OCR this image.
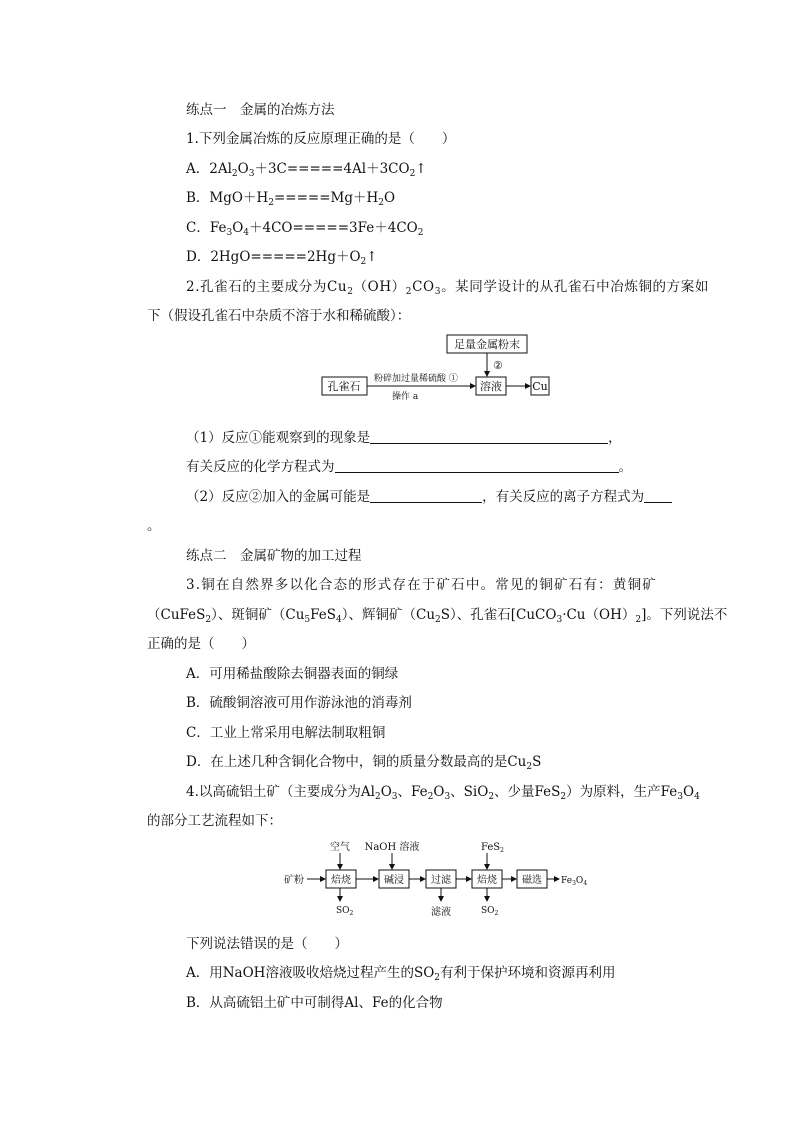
练点一　金属的冶炼方法
1.下列金属冶炼的反应原理正确的是（　　）
A．$2Al_2O_3+3C=====4Al+3CO_2↑$
B．$MgO+H_2=====Mg+H_2O$
C．$Fe_3O_4+4CO=====3Fe+4CO_2$
D．$2HgO=====2Hg+O_2↑$
2.孔雀石的主要成分为$Cu_2(OH)_2CO_3$。某同学设计的从孔雀石中冶炼铜的方案如
下（假设孔雀石中杂质不溶于水和稀硫酸）：
足量金属粉末
②
孔雀石
粉碎加过量稀硫酸 ①
操作 a
溶液	Cu
（1）反应①能观察到的现象是	，
有关反应的化学方程式为	。
（2）反应②加入的金属可能是	，有关反应的离子方程式为
。
练点二　金属矿物的加工过程
3.铜在自然界多以化合态的形式存在于矿石中。常见的铜矿石有：黄铜矿
（CuFeS$_2$）、斑铜矿$(Cu_5FeS_4)$、辉铜矿$(Cu_2S)$、孔雀石$[CuCO_3\cdot Cu(OH)_2]$。下列说法不
正确的是（　　）
A．可用稀盐酸除去铜器表面的铜绿
B．硫酸铜溶液可用作游泳池的消毒剂
C．工业上常采用电解法制取粗铜
D．在上述几种含铜化合物中，铜的质量分数最高的是$Cu_2S$
4.以高硫铝土矿（主要成分为$Al_2O_3$、$Fe_2O_3$、SiO$_2$、少量FeS$_2$）为原料，生产$Fe_3O_4$
的部分工艺流程如下：
矿粉
空气
焙烧
$SO_2$
NaOH 溶液
碱浸	过滤
滤液
FeS$_2$
焙烧
$SO_2$
磁选 $Fe_3O_4$
下列说法错误的是（　　）
A．用NaOH溶液吸收焙烧过程产生的$SO_2$有利于保护环境和资源再利用
B．从高硫铝土矿中可制得Al、Fe的化合物
